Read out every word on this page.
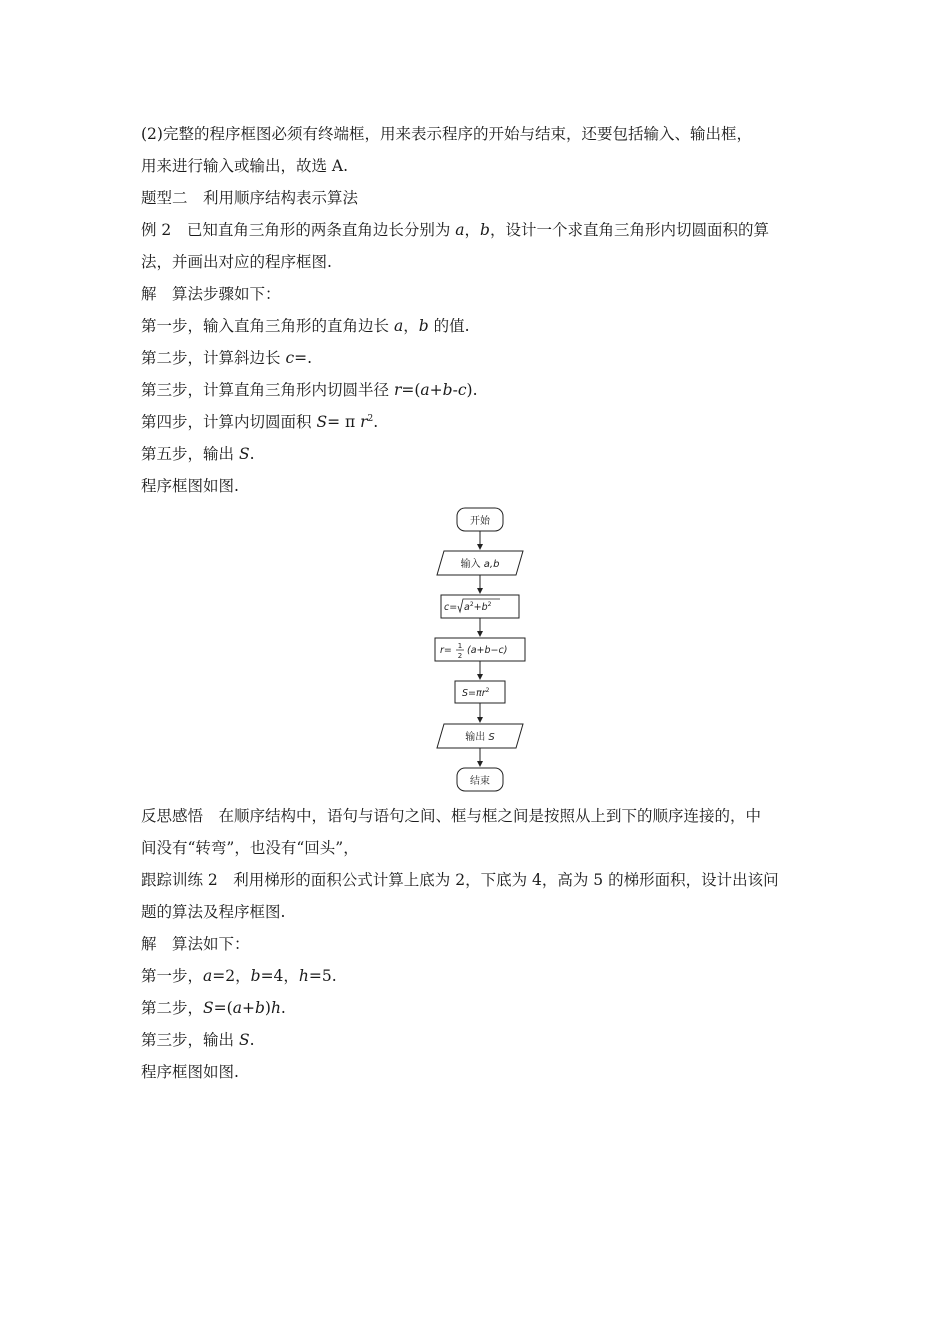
(2)完整的程序框图必须有终端框，用来表示程序的开始与结束，还要包括输入、输出框，
用来进行输入或输出，故选 A.
题型二　利用顺序结构表示算法
例 2　 已知直角三角形的两条直角边长分别为 a，b，设计一个求直角三角形内切圆面积的算
法，并画出对应的程序框图.
解　算法步骤如下：
第一步，输入直角三角形的直角边长 a，b 的值.
第二步，计算斜边长 c=.
第三步，计算直角三角形内切圆半径 r=(a+b-c).
第四步，计算内切圆面积 S= π $r^2$.
第五步，输出 S.
程序框图如图.
开始
输入 a,b
$c= a^2+b^2$
r= 1
2 (a+b−c)
$S=\pi r^2$
输出 S
结束
反思感悟　在顺序结构中，语句与语句之间、框与框之间是按照从上到下的顺序连接的，中
间没有“转弯”，也没有“回头”，
跟踪训练 2　利用梯形的面积公式计算上底为 2，下底为 4，高为 5 的梯形面积，设计出该问
题的算法及程序框图.
解　算法如下：
第一步，a=2，b=4，h=5.
第二步，S=(a+b)h.
第三步，输出 S.
程序框图如图.
